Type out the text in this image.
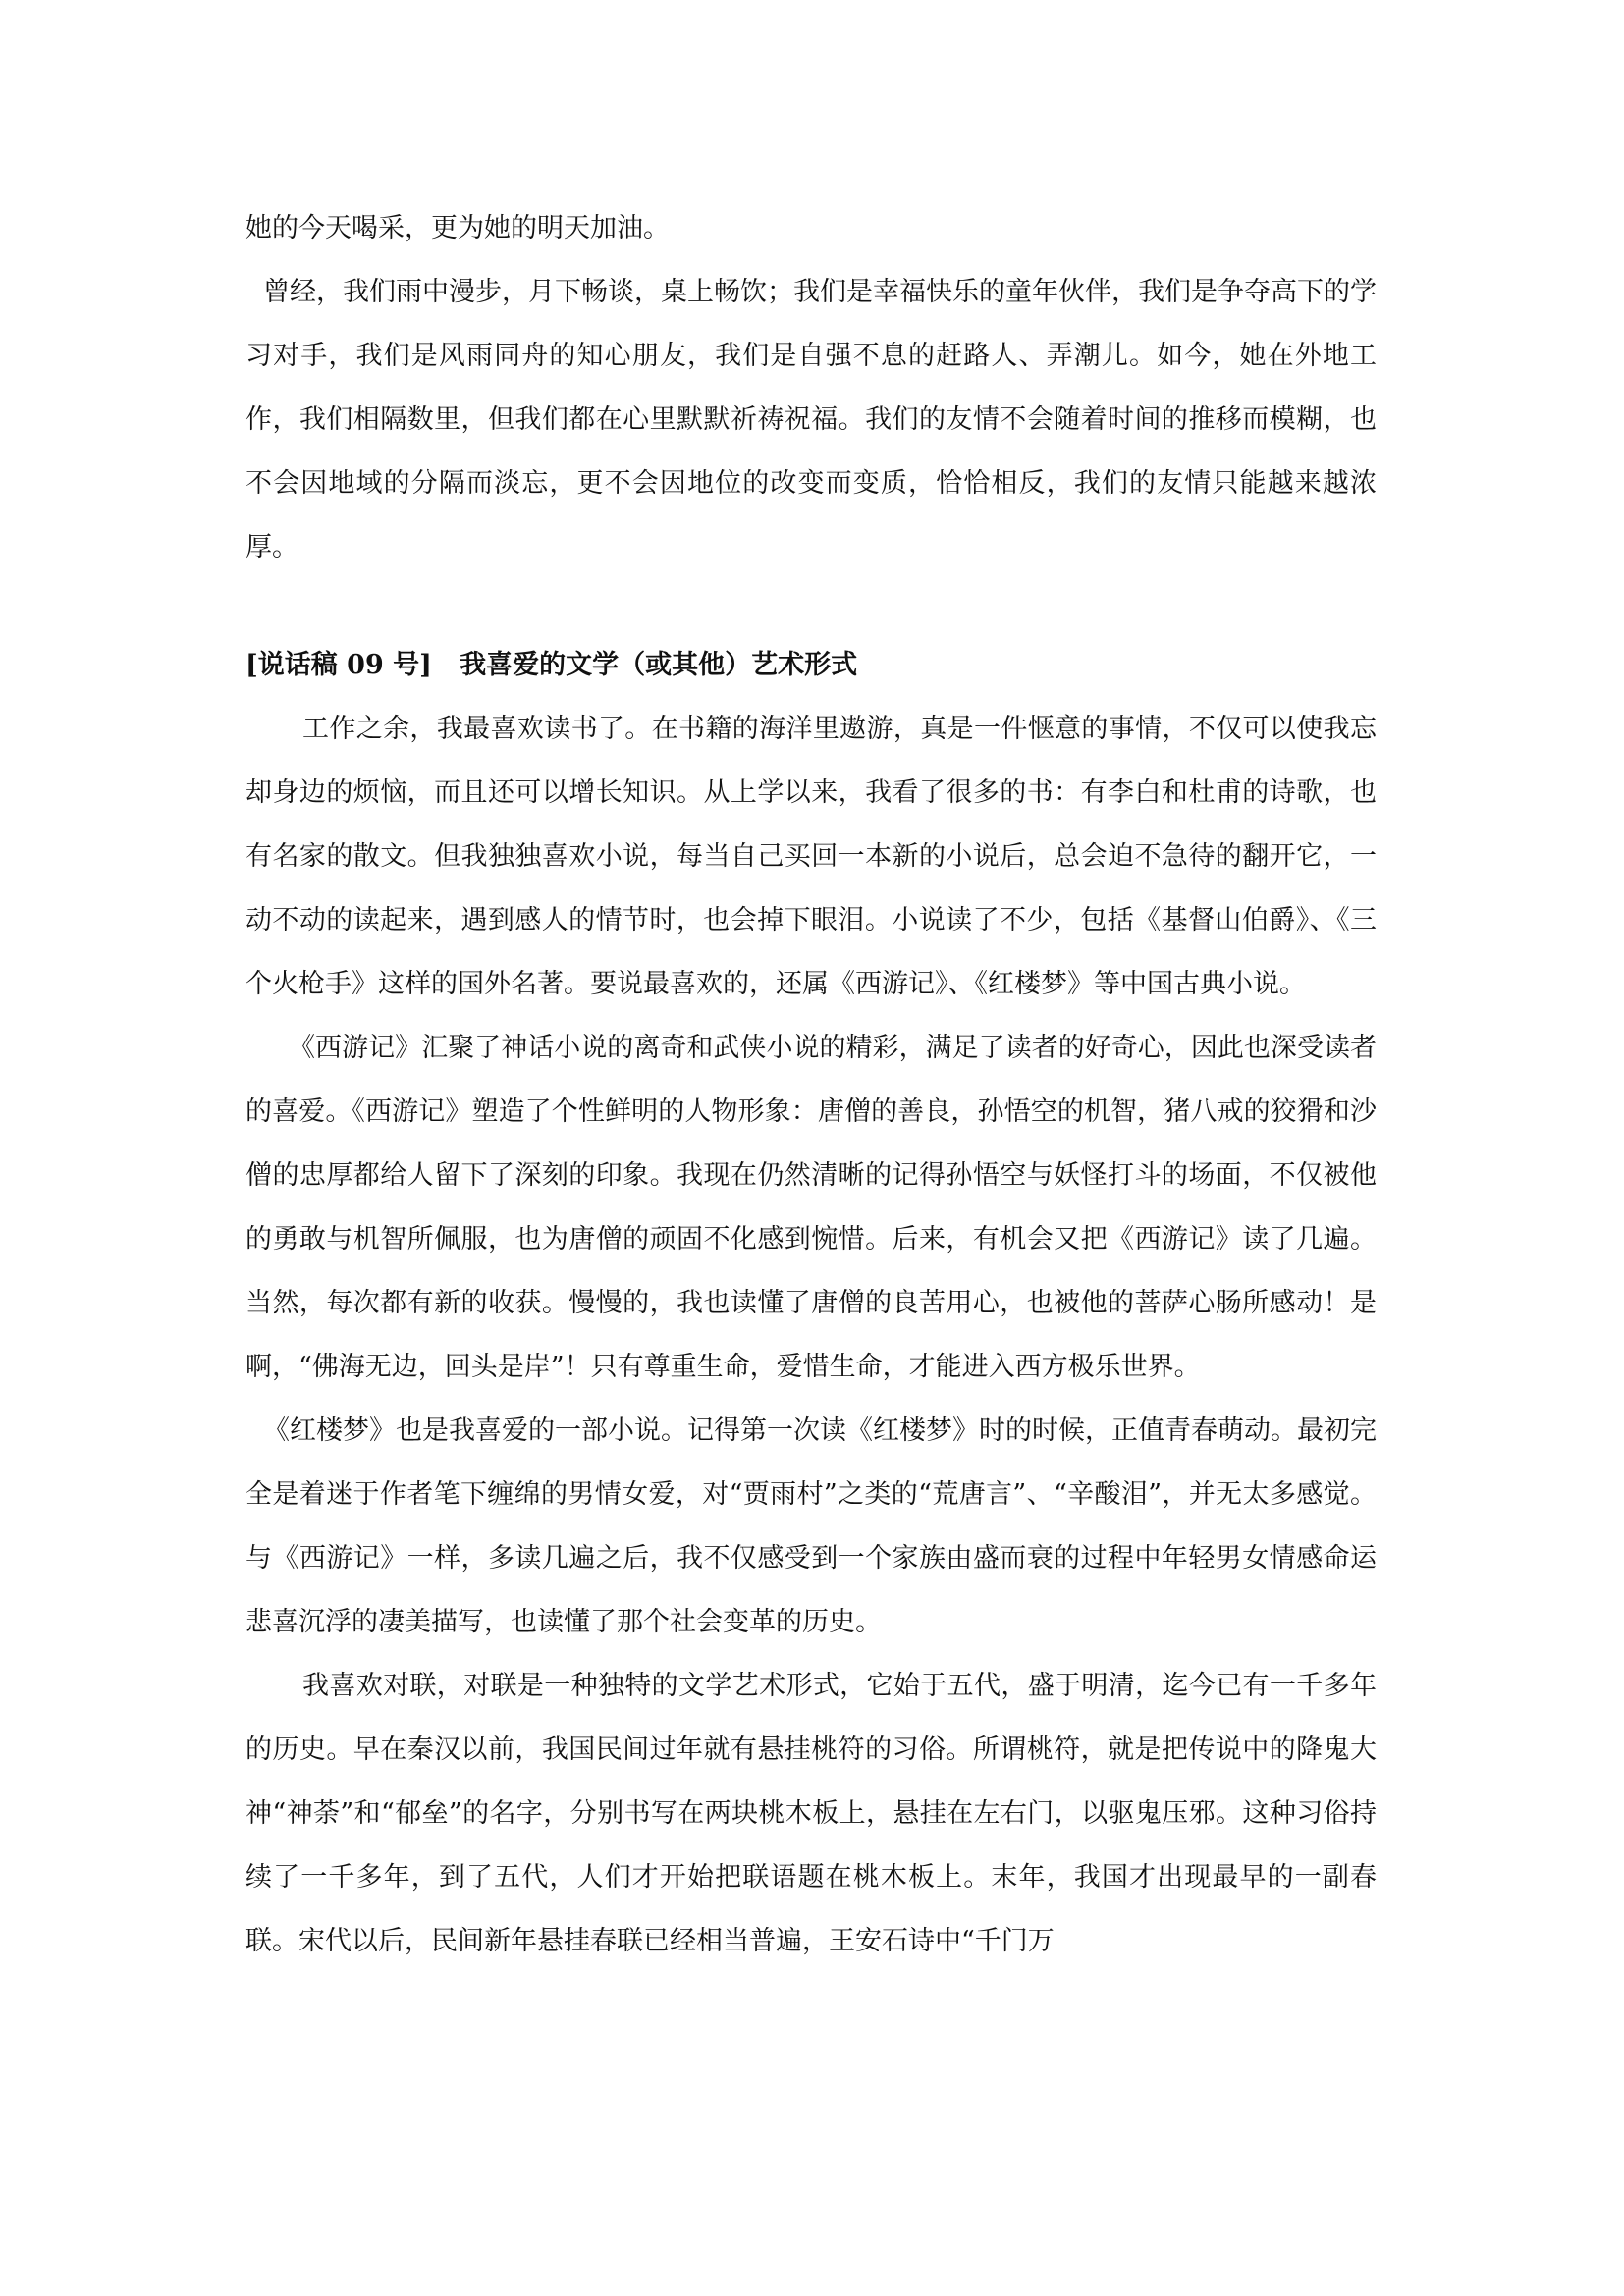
她的今天喝采，更为她的明天加油。

曾经，我们雨中漫步，月下畅谈，桌上畅饮；我们是幸福快乐的童年伙伴，我们是争夺高下的学习对手，我们是风雨同舟的知心朋友，我们是自强不息的赶路人、弄潮儿。如今，她在外地工作，我们相隔数里，但我们都在心里默默祈祷祝福。我们的友情不会随着时间的推移而模糊，也不会因地域的分隔而淡忘，更不会因地位的改变而变质，恰恰相反，我们的友情只能越来越浓厚。

[说话稿 09 号] 我喜爱的文学（或其他）艺术形式

工作之余，我最喜欢读书了。在书籍的海洋里遨游，真是一件惬意的事情，不仅可以使我忘却身边的烦恼，而且还可以增长知识。从上学以来，我看了很多的书：有李白和杜甫的诗歌，也有名家的散文。但我独独喜欢小说，每当自己买回一本新的小说后，总会迫不急待的翻开它，一动不动的读起来，遇到感人的情节时，也会掉下眼泪。小说读了不少，包括《基督山伯爵》、《三个火枪手》这样的国外名著。要说最喜欢的，还属《西游记》、《红楼梦》等中国古典小说。

《西游记》汇聚了神话小说的离奇和武侠小说的精彩，满足了读者的好奇心，因此也深受读者的喜爱。《西游记》塑造了个性鲜明的人物形象：唐僧的善良，孙悟空的机智，猪八戒的狡猾和沙僧的忠厚都给人留下了深刻的印象。我现在仍然清晰的记得孙悟空与妖怪打斗的场面，不仅被他的勇敢与机智所佩服，也为唐僧的顽固不化感到惋惜。后来，有机会又把《西游记》读了几遍。当然，每次都有新的收获。慢慢的，我也读懂了唐僧的良苦用心，也被他的菩萨心肠所感动！是啊，“佛海无边，回头是岸”！只有尊重生命，爱惜生命，才能进入西方极乐世界。

《红楼梦》也是我喜爱的一部小说。记得第一次读《红楼梦》时的时候，正值青春萌动。最初完全是着迷于作者笔下缠绵的男情女爱，对“贾雨村”之类的“荒唐言”、“辛酸泪”，并无太多感觉。与《西游记》一样，多读几遍之后，我不仅感受到一个家族由盛而衰的过程中年轻男女情感命运悲喜沉浮的凄美描写，也读懂了那个社会变革的历史。

我喜欢对联，对联是一种独特的文学艺术形式，它始于五代，盛于明清，迄今已有一千多年的历史。早在秦汉以前，我国民间过年就有悬挂桃符的习俗。所谓桃符，就是把传说中的降鬼大神“神荼”和“郁垒”的名字，分别书写在两块桃木板上，悬挂在左右门，以驱鬼压邪。这种习俗持续了一千多年，到了五代，人们才开始把联语题在桃木板上。末年，我国才出现最早的一副春联。宋代以后，民间新年悬挂春联已经相当普遍，王安石诗中“千门万
